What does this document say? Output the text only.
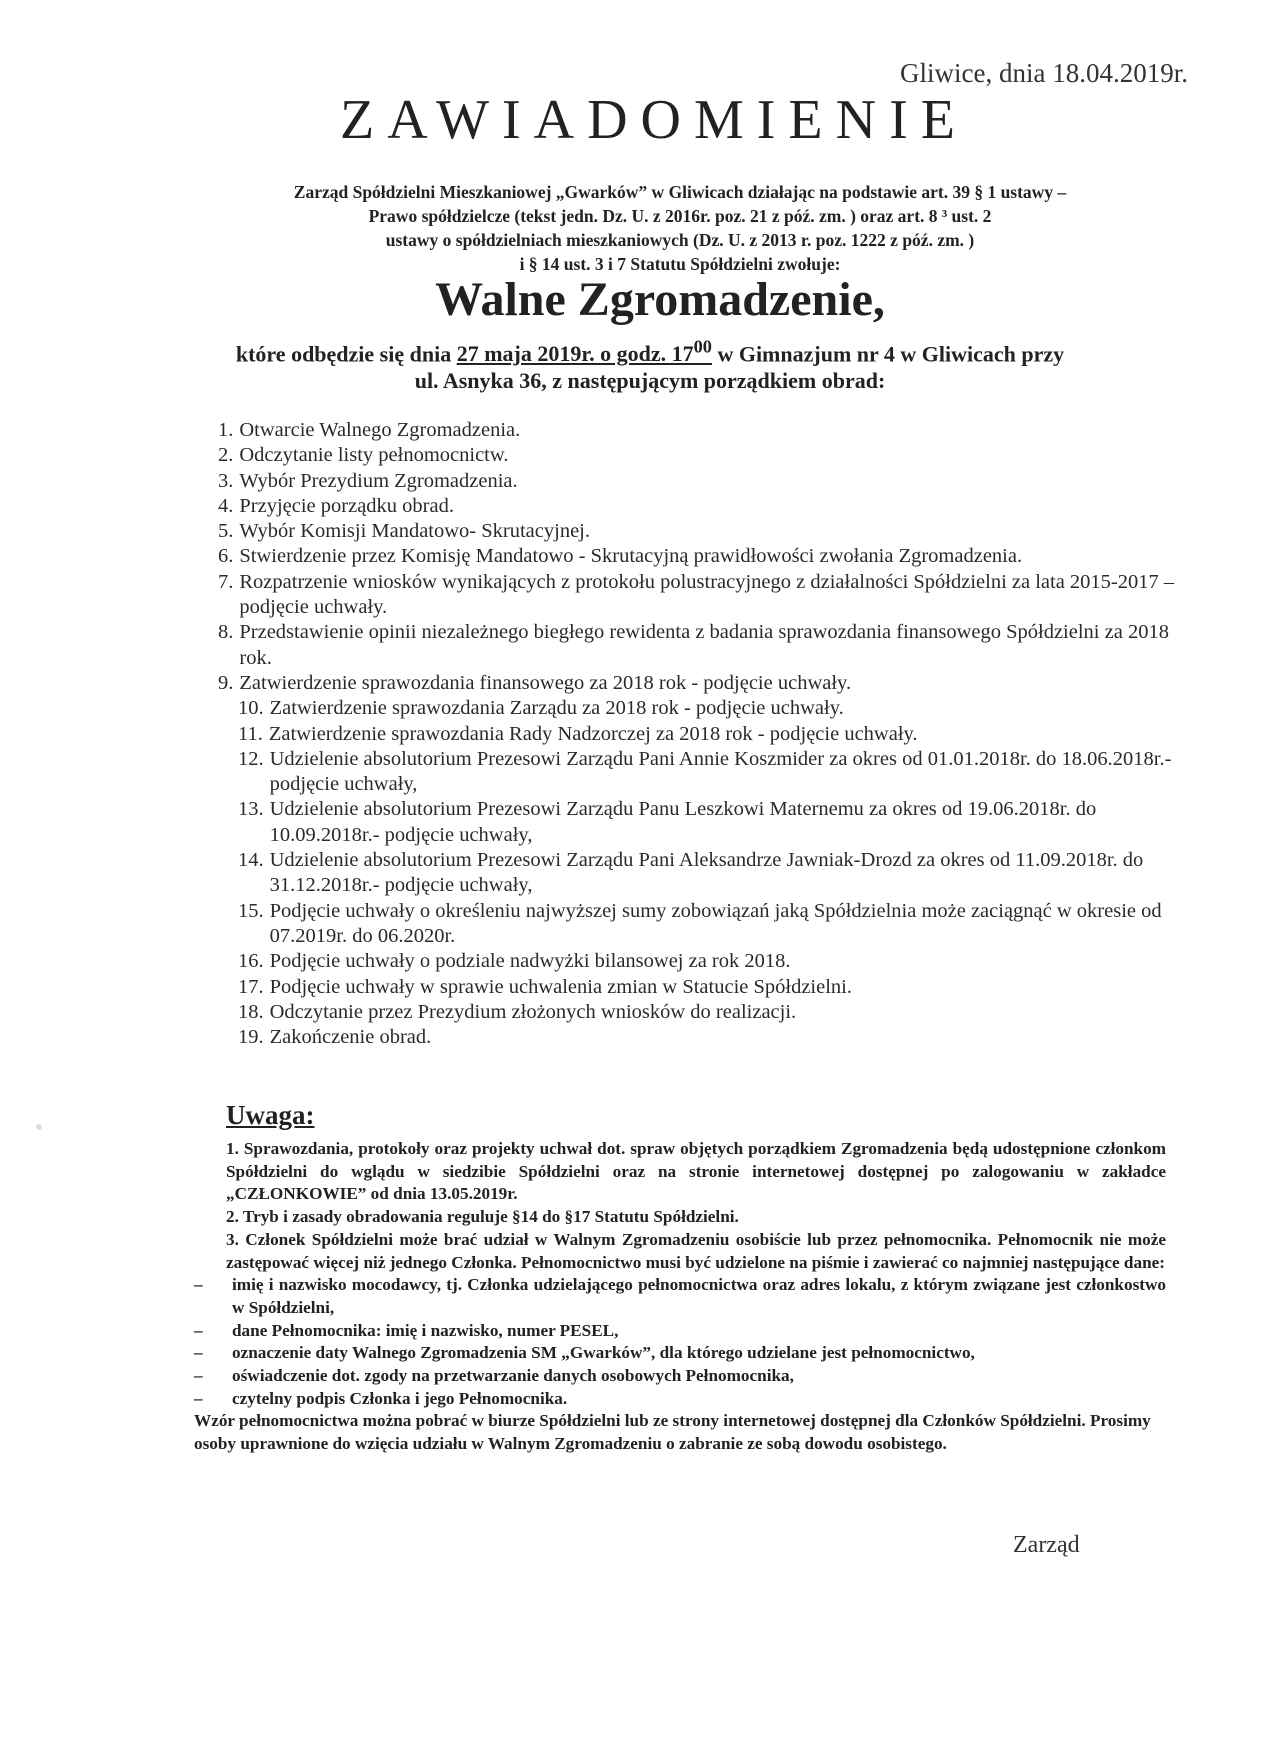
Gliwice, dnia 18.04.2019r.
ZAWIADOMIENIE

Zarząd Spółdzielni Mieszkaniowej „Gwarków” w Gliwicach działając na podstawie art. 39 § 1 ustawy –

Prawo spółdzielcze (tekst jedn. Dz. U. z 2016r. poz. 21 z póź. zm. ) oraz art. 8 ³ ust. 2

ustawy o spółdzielniach mieszkaniowych (Dz. U. z 2013 r. poz. 1222 z póź. zm. )

i § 14 ust. 3 i 7 Statutu Spółdzielni zwołuje:

Walne Zgromadzenie,

które odbędzie się dnia 27 maja 2019r. o godz. $17^{00}$ w Gimnazjum nr 4 w Gliwicach przy

ul. Asnyka 36, z następującym porządkiem obrad:

1. Otwarcie Walnego Zgromadzenia.
2. Odczytanie listy pełnomocnictw.
3. Wybór Prezydium Zgromadzenia.
4. Przyjęcie porządku obrad.
5. Wybór Komisji Mandatowo- Skrutacyjnej.
6. Stwierdzenie przez Komisję Mandatowo - Skrutacyjną prawidłowości zwołania Zgromadzenia.
7. Rozpatrzenie wniosków wynikających z protokołu polustracyjnego z działalności Spółdzielni za lata 2015-2017 – podjęcie uchwały.
8. Przedstawienie opinii niezależnego biegłego rewidenta z badania sprawozdania finansowego Spółdzielni za 2018 rok.
9. Zatwierdzenie sprawozdania finansowego za 2018 rok - podjęcie uchwały.
10. Zatwierdzenie sprawozdania Zarządu za 2018 rok - podjęcie uchwały.
11. Zatwierdzenie sprawozdania Rady Nadzorczej za 2018 rok - podjęcie uchwały.
12. Udzielenie absolutorium Prezesowi Zarządu Pani Annie Koszmider za okres od 01.01.2018r. do 18.06.2018r.- podjęcie uchwały,
13. Udzielenie absolutorium Prezesowi Zarządu Panu Leszkowi Maternemu za okres od 19.06.2018r. do 10.09.2018r.- podjęcie uchwały,
14. Udzielenie absolutorium Prezesowi Zarządu Pani Aleksandrze Jawniak-Drozd za okres od 11.09.2018r. do 31.12.2018r.- podjęcie uchwały,
15. Podjęcie uchwały o określeniu najwyższej sumy zobowiązań jaką Spółdzielnia może zaciągnąć w okresie od 07.2019r. do 06.2020r.
16. Podjęcie uchwały o podziale nadwyżki bilansowej za rok 2018.
17. Podjęcie uchwały w sprawie uchwalenia zmian w Statucie Spółdzielni.
18. Odczytanie przez Prezydium złożonych wniosków do realizacji.
19. Zakończenie obrad.
Uwaga:

1. Sprawozdania, protokoły oraz projekty uchwał dot. spraw objętych porządkiem Zgromadzenia będą udostępnione członkom Spółdzielni do wglądu w siedzibie Spółdzielni oraz na stronie internetowej dostępnej po zalogowaniu w zakładce „CZŁONKOWIE” od dnia 13.05.2019r.

2. Tryb i zasady obradowania reguluje §14 do §17 Statutu Spółdzielni.

3. Członek Spółdzielni może brać udział w Walnym Zgromadzeniu osobiście lub przez pełnomocnika. Pełnomocnik nie może zastępować więcej niż jednego Członka. Pełnomocnictwo musi być udzielone na piśmie i zawierać co najmniej następujące dane:

– imię i nazwisko mocodawcy, tj. Członka udzielającego pełnomocnictwa oraz adres lokalu, z którym związane jest członkostwo w Spółdzielni,
– dane Pełnomocnika: imię i nazwisko, numer PESEL,
– oznaczenie daty Walnego Zgromadzenia SM „Gwarków”, dla którego udzielane jest pełnomocnictwo,
– oświadczenie dot. zgody na przetwarzanie danych osobowych Pełnomocnika,
– czytelny podpis Członka i jego Pełnomocnika.

Wzór pełnomocnictwa można pobrać w biurze Spółdzielni lub ze strony internetowej dostępnej dla Członków Spółdzielni. Prosimy osoby uprawnione do wzięcia udziału w Walnym Zgromadzeniu o zabranie ze sobą dowodu osobistego.

Zarząd
